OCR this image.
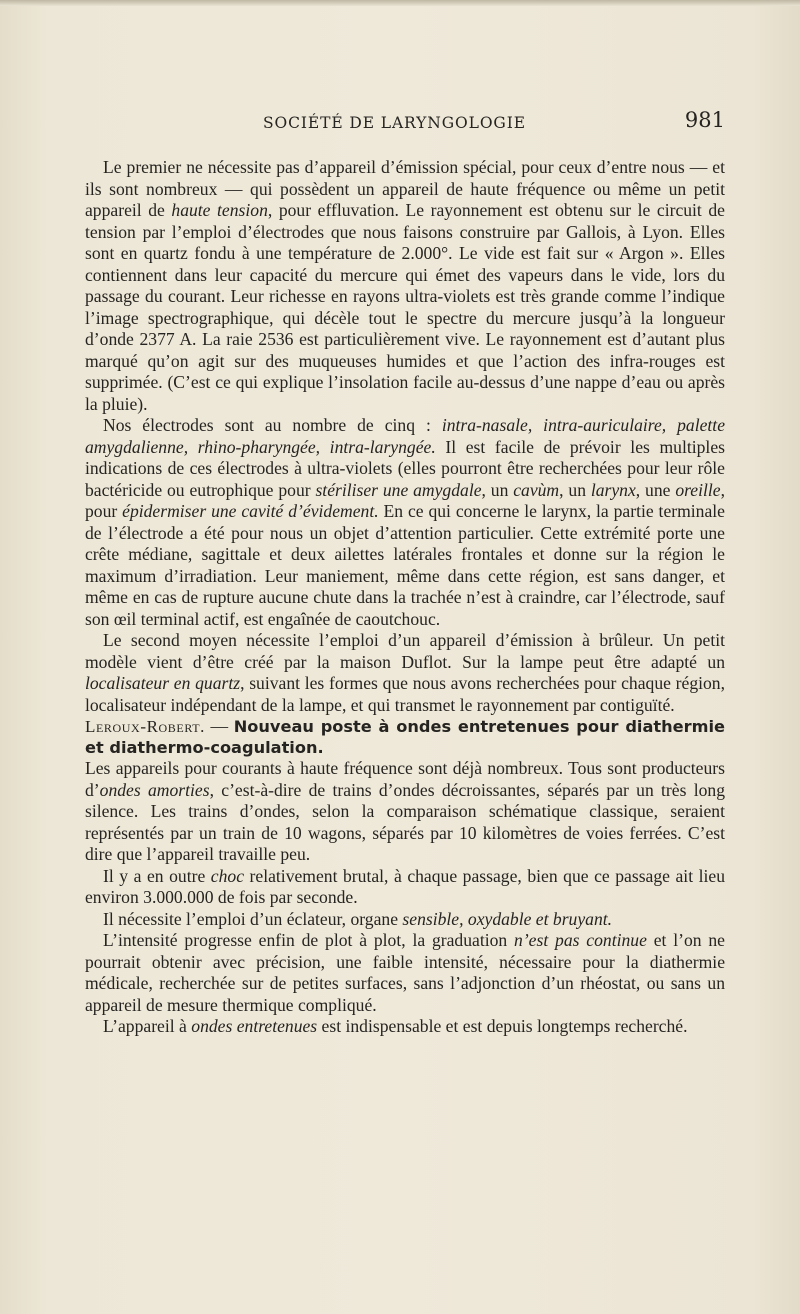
SOCIÉTÉ DE LARYNGOLOGIE	981

Le premier ne nécessite pas d’appareil d’émission spécial, pour ceux d’entre nous — et ils sont nombreux — qui possèdent un appareil de haute fréquence ou même un petit appareil de haute tension, pour effluvation. Le rayonnement est obtenu sur le circuit de tension par l’emploi d’électrodes que nous faisons construire par Gallois, à Lyon. Elles sont en quartz fondu à une température de 2.000°. Le vide est fait sur « Argon ». Elles contiennent dans leur capacité du mercure qui émet des vapeurs dans le vide, lors du passage du courant. Leur richesse en rayons ultra-violets est très grande comme l’indique l’image spectrographique, qui décèle tout le spectre du mercure jusqu’à la longueur d’onde 2377 A. La raie 2536 est particulièrement vive. Le rayonnement est d’autant plus marqué qu’on agit sur des muqueuses humides et que l’action des infra-rouges est supprimée. (C’est ce qui explique l’insolation facile au-dessus d’une nappe d’eau ou après la pluie).

Nos électrodes sont au nombre de cinq : intra-nasale, intra-auriculaire, palette amygdalienne, rhino-pharyngée, intra-laryngée. Il est facile de prévoir les multiples indications de ces électrodes à ultra-violets (elles pourront être recherchées pour leur rôle bactéricide ou eutrophique pour stériliser une amygdale, un cavùm, un larynx, une oreille, pour épidermiser une cavité d’évidement. En ce qui concerne le larynx, la partie terminale de l’électrode a été pour nous un objet d’attention particulier. Cette extrémité porte une crête médiane, sagittale et deux ailettes latérales frontales et donne sur la région le maximum d’irradiation. Leur maniement, même dans cette région, est sans danger, et même en cas de rupture aucune chute dans la trachée n’est à craindre, car l’électrode, sauf son œil terminal actif, est engaînée de caoutchouc.

Le second moyen nécessite l’emploi d’un appareil d’émission à brûleur. Un petit modèle vient d’être créé par la maison Duflot. Sur la lampe peut être adapté un localisateur en quartz, suivant les formes que nous avons recherchées pour chaque région, localisateur indépendant de la lampe, et qui transmet le rayonnement par contiguïté.

Leroux-Robert. — Nouveau poste à ondes entretenues pour diathermie et diathermo-coagulation.

Les appareils pour courants à haute fréquence sont déjà nombreux. Tous sont producteurs d’ondes amorties, c’est-à-dire de trains d’ondes décroissantes, séparés par un très long silence. Les trains d’ondes, selon la comparaison schématique classique, seraient représentés par un train de 10 wagons, séparés par 10 kilomètres de voies ferrées. C’est dire que l’appareil travaille peu.

Il y a en outre choc relativement brutal, à chaque passage, bien que ce passage ait lieu environ 3.000.000 de fois par seconde.

Il nécessite l’emploi d’un éclateur, organe sensible, oxydable et bruyant.

L’intensité progresse enfin de plot à plot, la graduation n’est pas continue et l’on ne pourrait obtenir avec précision, une faible intensité, nécessaire pour la diathermie médicale, recherchée sur de petites surfaces, sans l’adjonction d’un rhéostat, ou sans un appareil de mesure thermique compliqué.

L’appareil à ondes entretenues est indispensable et est depuis longtemps recherché.
